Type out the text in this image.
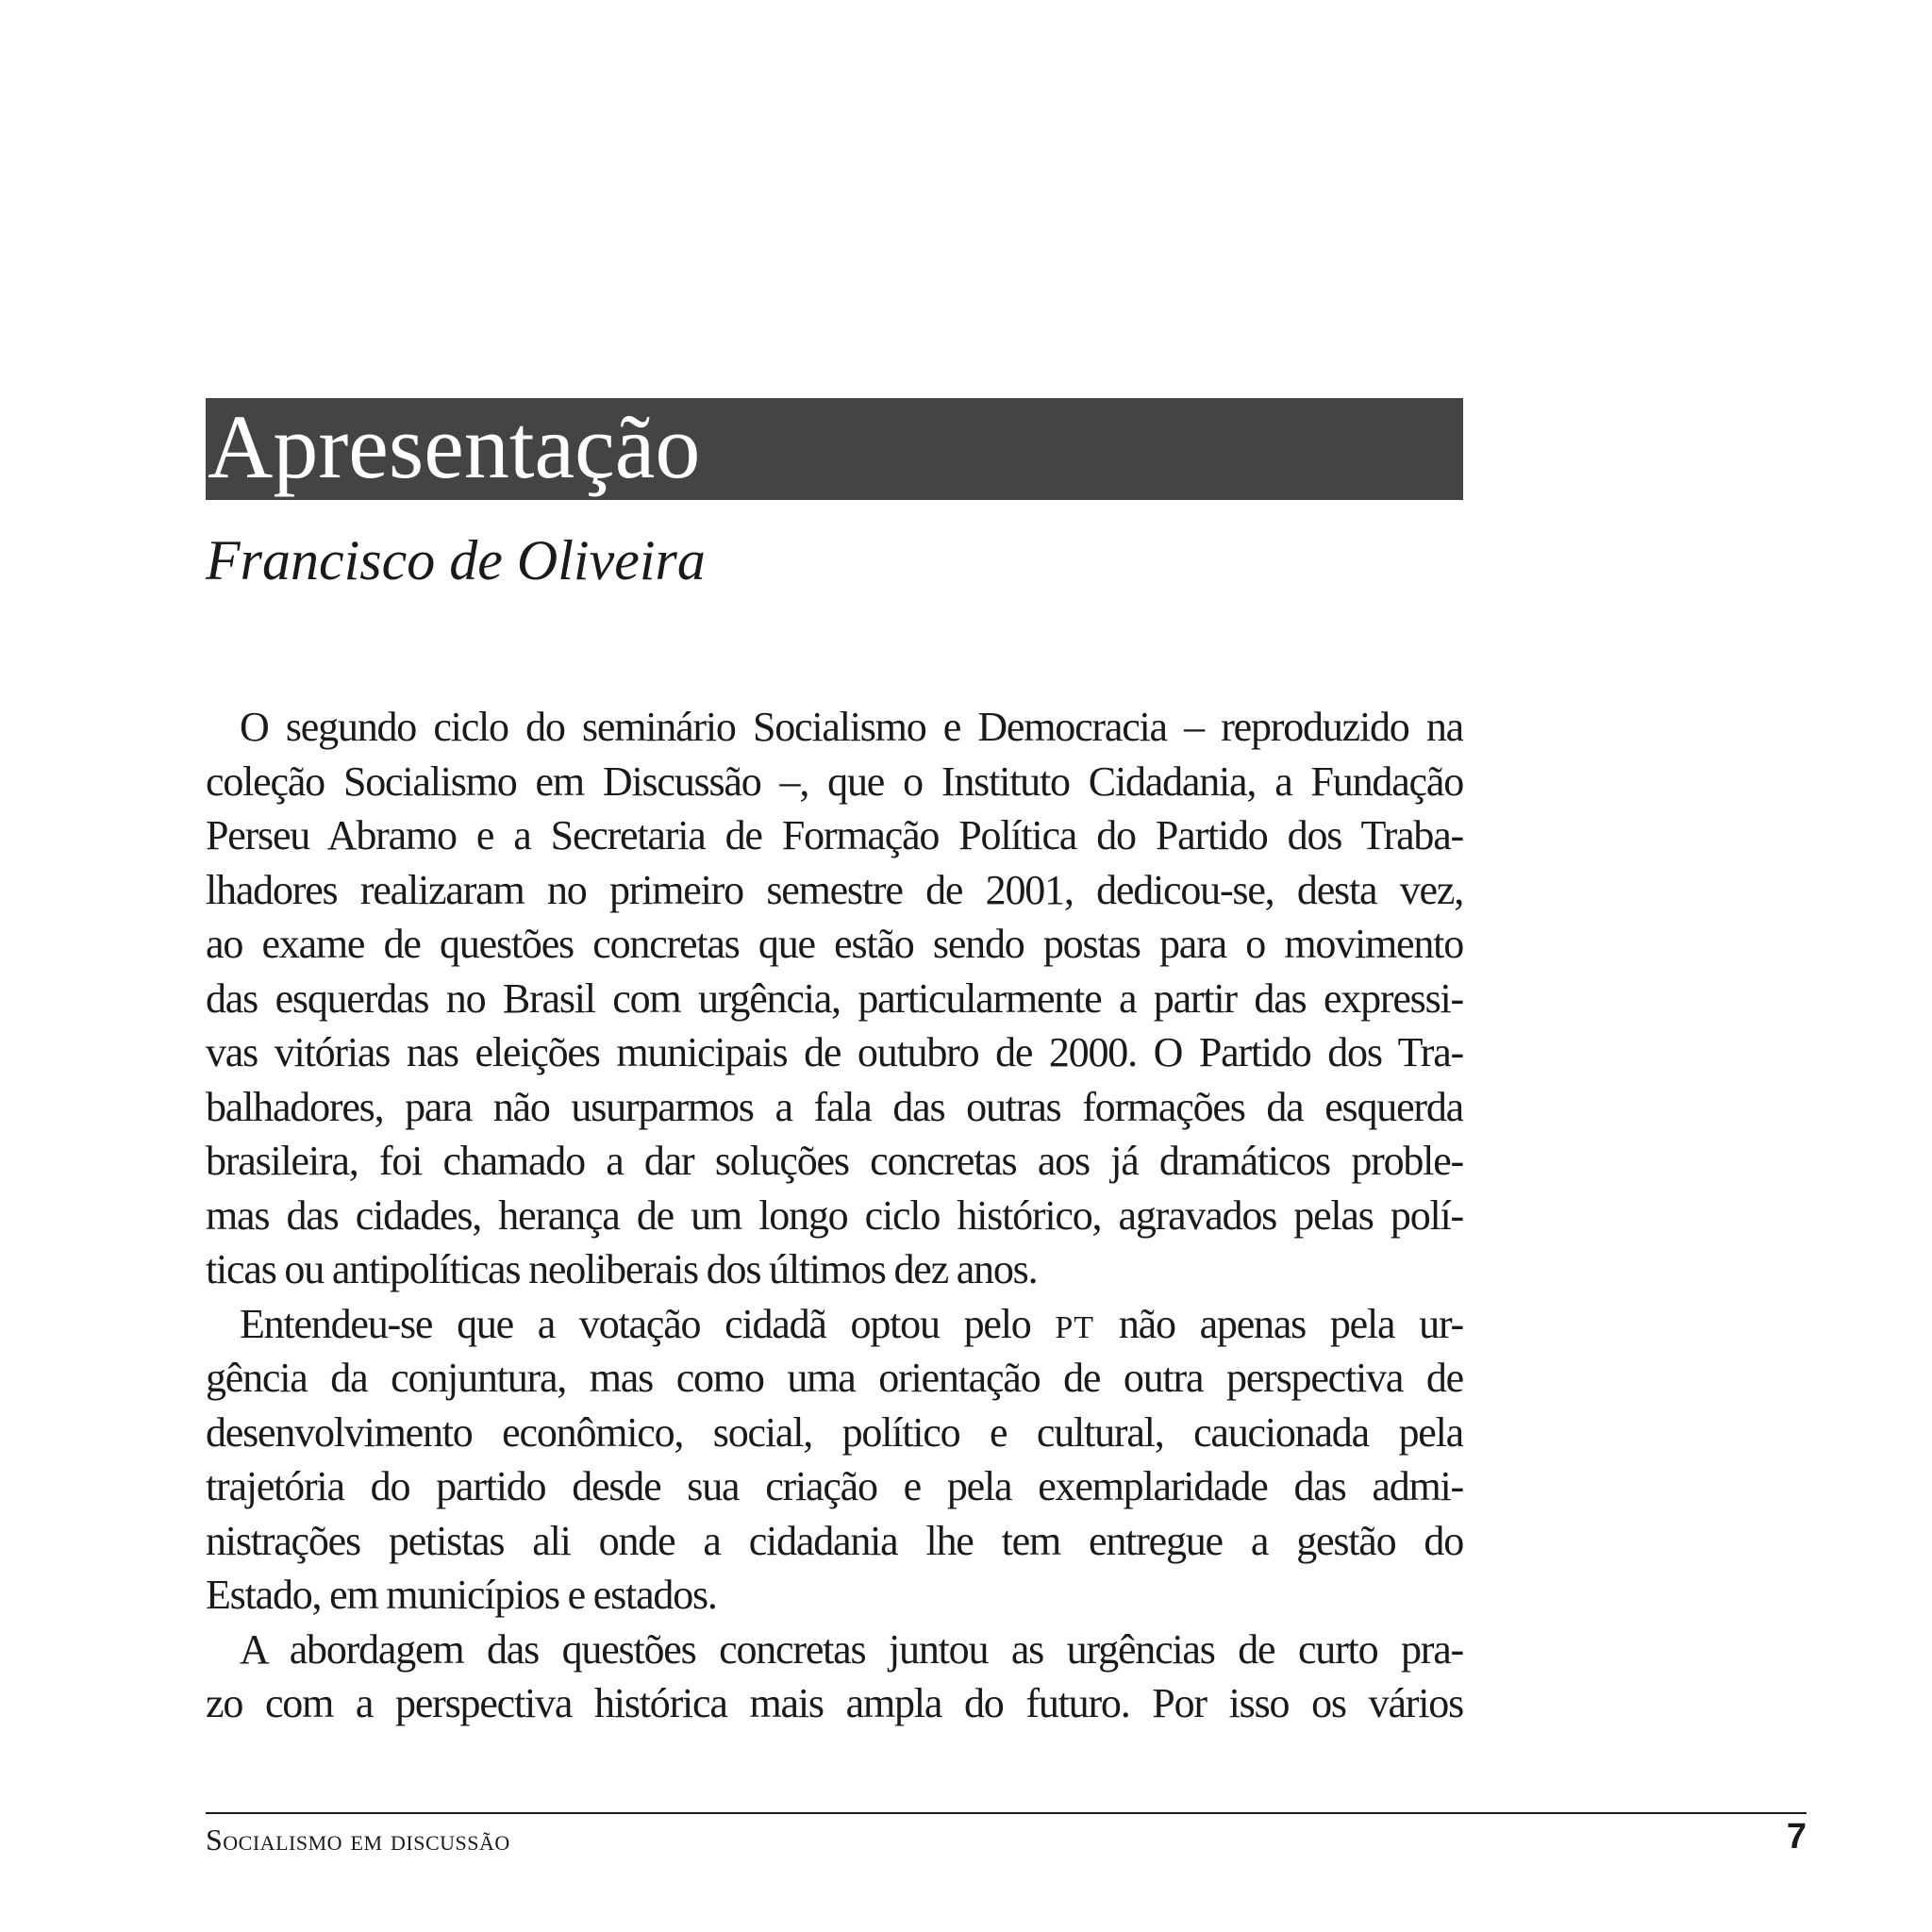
Apresentação
Francisco de Oliveira
O segundo ciclo do seminário Socialismo e Democracia – reproduzido na
coleção Socialismo em Discussão –, que o Instituto Cidadania, a Fundação
Perseu Abramo e a Secretaria de Formação Política do Partido dos Traba-
lhadores realizaram no primeiro semestre de 2001, dedicou-se, desta vez,
ao exame de questões concretas que estão sendo postas para o movimento
das esquerdas no Brasil com urgência, particularmente a partir das expressi-
vas vitórias nas eleições municipais de outubro de 2000. O Partido dos Tra-
balhadores, para não usurparmos a fala das outras formações da esquerda
brasileira, foi chamado a dar soluções concretas aos já dramáticos proble-
mas das cidades, herança de um longo ciclo histórico, agravados pelas polí-
ticas ou antipolíticas neoliberais dos últimos dez anos.
Entendeu-se que a votação cidadã optou pelo PT não apenas pela ur-
gência da conjuntura, mas como uma orientação de outra perspectiva de
desenvolvimento econômico, social, político e cultural, caucionada pela
trajetória do partido desde sua criação e pela exemplaridade das admi-
nistrações petistas ali onde a cidadania lhe tem entregue a gestão do
Estado, em municípios e estados.
A abordagem das questões concretas juntou as urgências de curto pra-
zo com a perspectiva histórica mais ampla do futuro. Por isso os vários
Socialismo em discussão	7
